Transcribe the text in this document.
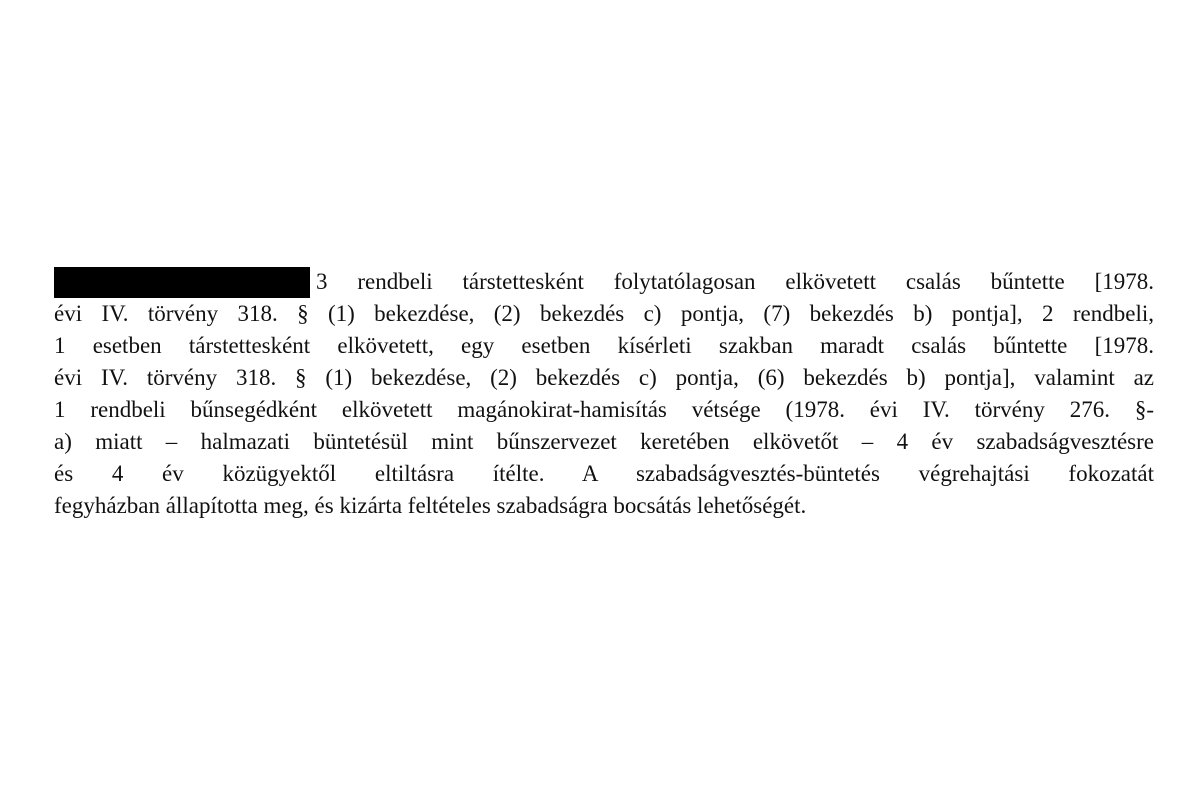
3 rendbeli társtettesként folytatólagosan elkövetett csalás bűntette [1978.
évi IV. törvény 318. § (1) bekezdése, (2) bekezdés c) pontja, (7) bekezdés b) pontja], 2 rendbeli,
1 esetben társtettesként elkövetett, egy esetben kísérleti szakban maradt csalás bűntette [1978.
évi IV. törvény 318. § (1) bekezdése, (2) bekezdés c) pontja, (6) bekezdés b) pontja], valamint az
1 rendbeli bűnsegédként elkövetett magánokirat-hamisítás vétsége (1978. évi IV. törvény 276. §-
a) miatt – halmazati büntetésül mint bűnszervezet keretében elkövetőt – 4 év szabadságvesztésre
és 4 év közügyektől eltiltásra ítélte. A szabadságvesztés-büntetés végrehajtási fokozatát
fegyházban állapította meg, és kizárta feltételes szabadságra bocsátás lehetőségét.
